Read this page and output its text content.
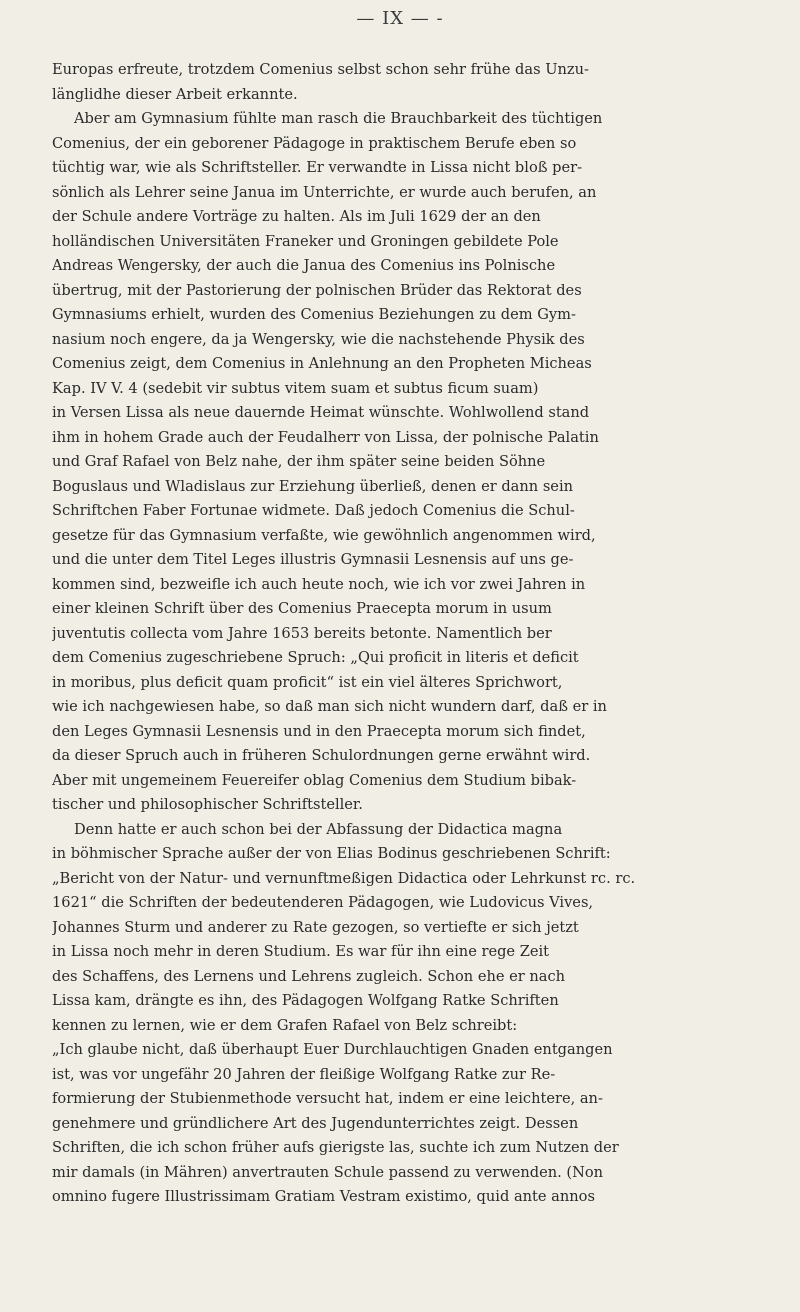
— IX — -
Europas erfreute, trotzdem Comenius selbst schon sehr frühe das Unzu-
länglidhe dieser Arbeit erkannte.
Aber am Gymnasium fühlte man rasch die Brauchbarkeit des tüchtigen
Comenius, der ein geborener Pädagoge in praktischem Berufe eben so
tüchtig war, wie als Schriftsteller. Er verwandte in Lissa nicht bloß per-
sönlich als Lehrer seine Janua im Unterrichte, er wurde auch berufen, an
der Schule andere Vorträge zu halten. Als im Juli 1629 der an den
holländischen Universitäten Franeker und Groningen gebildete Pole
Andreas Wengersky, der auch die Janua des Comenius ins Polnische
übertrug, mit der Pastorierung der polnischen Brüder das Rektorat des
Gymnasiums erhielt, wurden des Comenius Beziehungen zu dem Gym-
nasium noch engere, da ja Wengersky, wie die nachstehende Physik des
Comenius zeigt, dem Comenius in Anlehnung an den Propheten Micheas
Kap. IV V. 4 (sedebit vir subtus vitem suam et subtus ficum suam)
in Versen Lissa als neue dauernde Heimat wünschte. Wohlwollend stand
ihm in hohem Grade auch der Feudalherr von Lissa, der polnische Palatin
und Graf Rafael von Belz nahe, der ihm später seine beiden Söhne
Boguslaus und Wladislaus zur Erziehung überließ, denen er dann sein
Schriftchen Faber Fortunae widmete. Daß jedoch Comenius die Schul-
gesetze für das Gymnasium verfaßte, wie gewöhnlich angenommen wird,
und die unter dem Titel Leges illustris Gymnasii Lesnensis auf uns ge-
kommen sind, bezweifle ich auch heute noch, wie ich vor zwei Jahren in
einer kleinen Schrift über des Comenius Praecepta morum in usum
juventutis collecta vom Jahre 1653 bereits betonte. Namentlich ber
dem Comenius zugeschriebene Spruch: „Qui proficit in literis et deficit
in moribus, plus deficit quam proficit“ ist ein viel älteres Sprichwort,
wie ich nachgewiesen habe, so daß man sich nicht wundern darf, daß er in
den Leges Gymnasii Lesnensis und in den Praecepta morum sich findet,
da dieser Spruch auch in früheren Schulordnungen gerne erwähnt wird.
Aber mit ungemeinem Feuereifer oblag Comenius dem Studium bibak-
tischer und philosophischer Schriftsteller.
Denn hatte er auch schon bei der Abfassung der Didactica magna
in böhmischer Sprache außer der von Elias Bodinus geschriebenen Schrift:
„Bericht von der Natur- und vernunftmeßigen Didactica oder Lehrkunst rc. rc.
1621“ die Schriften der bedeutenderen Pädagogen, wie Ludovicus Vives,
Johannes Sturm und anderer zu Rate gezogen, so vertiefte er sich jetzt
in Lissa noch mehr in deren Studium. Es war für ihn eine rege Zeit
des Schaffens, des Lernens und Lehrens zugleich. Schon ehe er nach
Lissa kam, drängte es ihn, des Pädagogen Wolfgang Ratke Schriften
kennen zu lernen, wie er dem Grafen Rafael von Belz schreibt:
„Ich glaube nicht, daß überhaupt Euer Durchlauchtigen Gnaden entgangen
ist, was vor ungefähr 20 Jahren der fleißige Wolfgang Ratke zur Re-
formierung der Stubienmethode versucht hat, indem er eine leichtere, an-
genehmere und gründlichere Art des Jugendunterrichtes zeigt. Dessen
Schriften, die ich schon früher aufs gierigste las, suchte ich zum Nutzen der
mir damals (in Mähren) anvertrauten Schule passend zu verwenden. (Non
omnino fugere Illustrissimam Gratiam Vestram existimo, quid ante annos
